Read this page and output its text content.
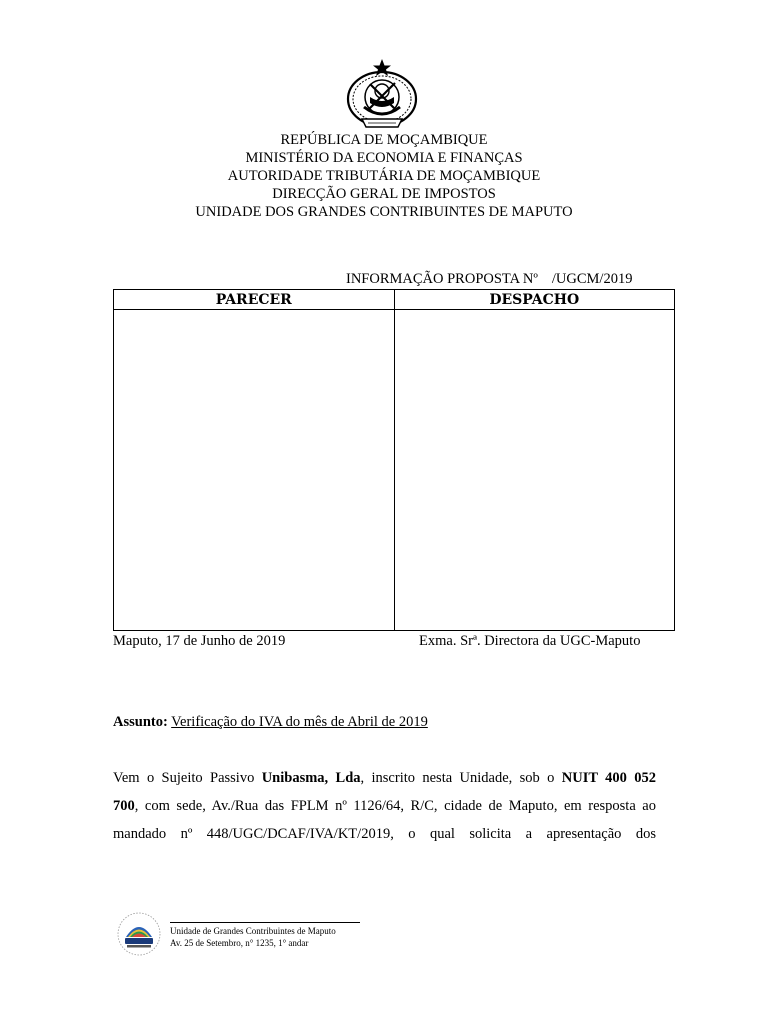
REPÚBLICA DE MOÇAMBIQUE
MINISTÉRIO DA ECONOMIA E FINANÇAS
AUTORIDADE TRIBUTÁRIA DE MOÇAMBIQUE
DIRECÇÃO GERAL DE IMPOSTOS
UNIDADE DOS GRANDES CONTRIBUINTES DE MAPUTO
INFORMAÇÃO PROPOSTA Nº /UGCM/2019
PARECER	DESPACHO

Maputo, 17 de Junho de 2019	Exma. Srª. Directora da UGC-Maputo
Assunto: Verificação do IVA do mês de Abril de 2019
Vem o Sujeito Passivo Unibasma, Lda, inscrito nesta Unidade, sob o NUIT 400 052
700, com sede, Av./Rua das FPLM nº 1126/64, R/C, cidade de Maputo, em resposta ao
mandado nº 448/UGC/DCAF/IVA/KT/2019, o qual solicita a apresentação dos
Unidade de Grandes Contribuintes de Maputo
Av. 25 de Setembro, n° 1235, 1° andar
